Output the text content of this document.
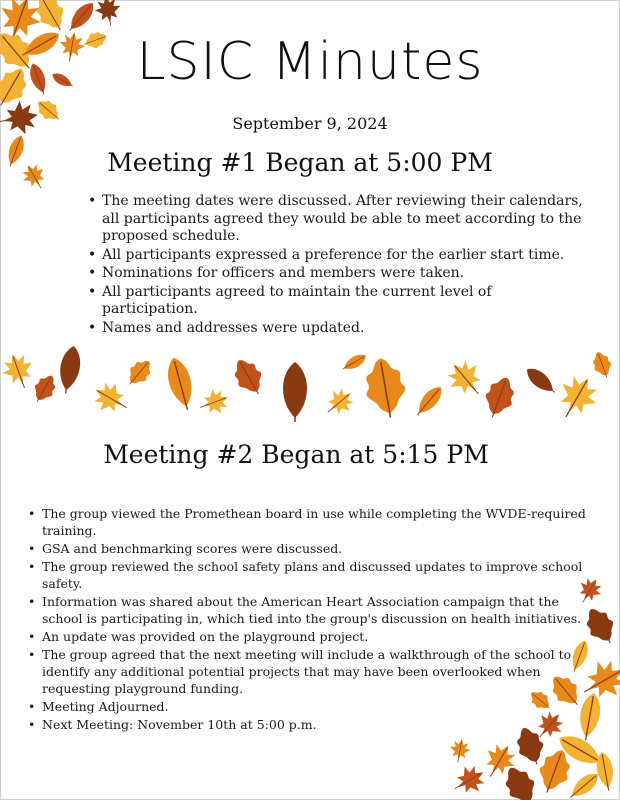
LSIC Minutes
September 9, 2024
Meeting #1 Began at 5:00 PM
• The meeting dates were discussed. After reviewing their calendars, all participants agreed they would be able to meet according to the proposed schedule.
• All participants expressed a preference for the earlier start time.
• Nominations for officers and members were taken.
• All participants agreed to maintain the current level of participation.
• Names and addresses were updated.
Meeting #2 Began at 5:15 PM
• The group viewed the Promethean board in use while completing the WVDE-required training.
• GSA and benchmarking scores were discussed.
• The group reviewed the school safety plans and discussed updates to improve school safety.
• Information was shared about the American Heart Association campaign that the school is participating in, which tied into the group's discussion on health initiatives.
• An update was provided on the playground project.
• The group agreed that the next meeting will include a walkthrough of the school to identify any additional potential projects that may have been overlooked when requesting playground funding.
• Meeting Adjourned.
• Next Meeting: November 10th at 5:00 p.m.
